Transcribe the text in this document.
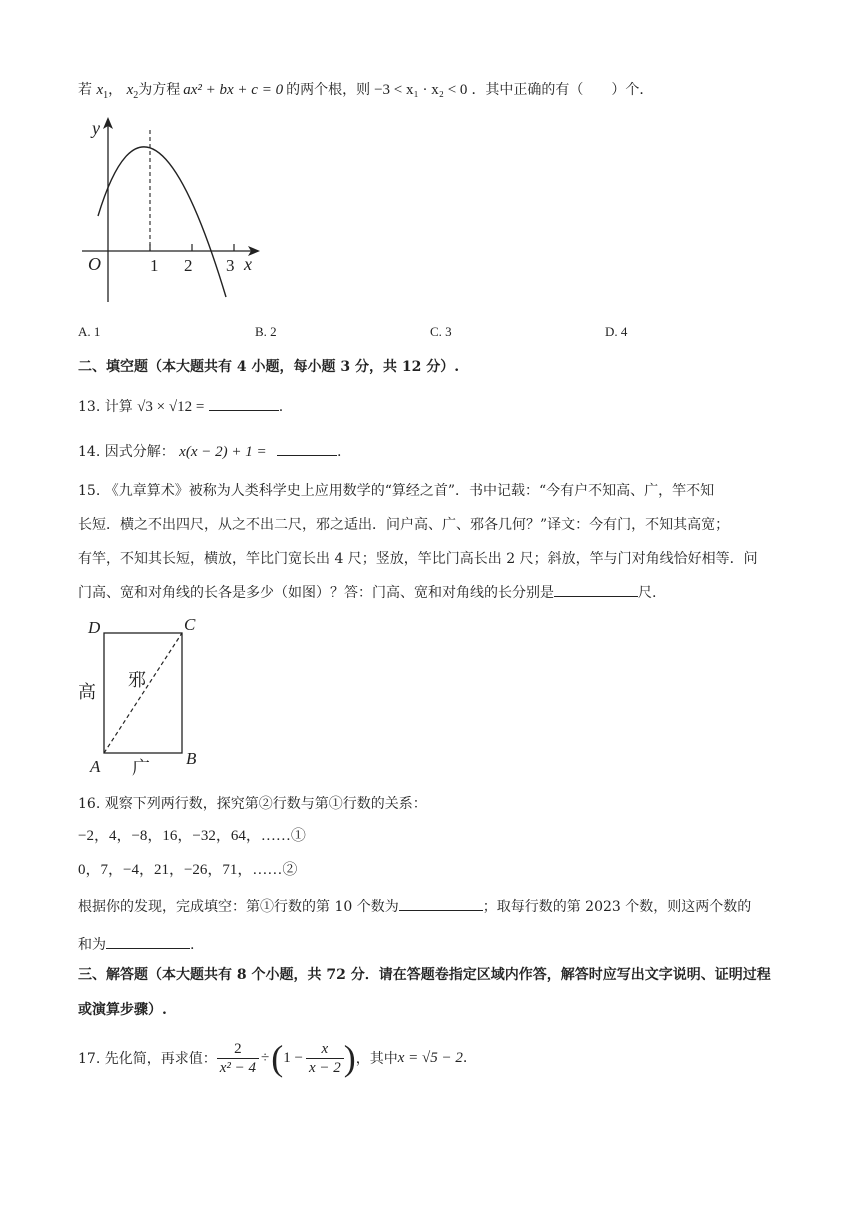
若 $x_1$， $x_2$为方程 ax² + bx + c = 0 的两个根，则 −3 < x₁ · x₂ < 0 ．其中正确的有（　　）个．
y
O	1 2 3 x
A. 1	B. 2	C. 3	D. 4
二、填空题（本大题共有 4 小题，每小题 3 分，共 12 分）.
13. 计算 √3 × √12 =	.
14. 因式分解： x(x − 2) + 1 =	.
15. 《九章算术》被称为人类科学史上应用数学的“算经之首”．书中记载：“今有户不知高、广，竿不知
长短．横之不出四尺，从之不出二尺，邪之适出．问户高、广、邪各几何？”译文：今有门，不知其高宽；
有竿，不知其长短，横放，竿比门宽长出 4 尺；竖放，竿比门高长出 2 尺；斜放，竿与门对角线恰好相等．问
门高、宽和对角线的长各是多少（如图）？答：门高、宽和对角线的长分别是	尺.
D	C
A	B
高
邪
广
16. 观察下列两行数，探究第②行数与第①行数的关系：
−2，4，−8，16，−32，64，……①
0，7，−4，21，−26，71，……②
根据你的发现，完成填空：第①行数的第 10 个数为	；取每行数的第 2023 个数，则这两个数的
和为	.
三、解答题（本大题共有 8 个小题，共 72 分．请在答题卷指定区域内作答，解答时应写出文字说明、证明过程或演算步骤）.
17. 先化简，再求值： $\frac{2}{\text{x² − 4}}$ ÷ ( $1 - \frac{x}{x - 2}$ ) ，其中 x = √5 − 2 .
